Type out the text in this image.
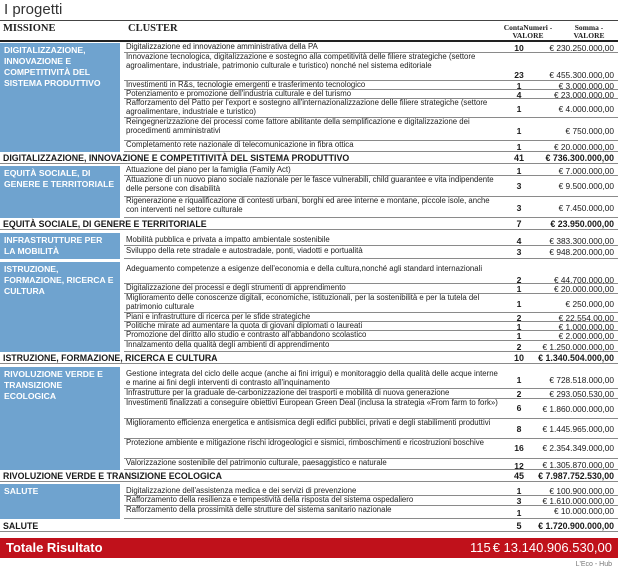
I progetti
MISSIONE	CLUSTER	ContaNumeri - VALORE
Somma - VALORE
DIGITALIZZAZIONE, INNOVAZIONE E COMPETITIVITÀ DEL SISTEMA PRODUTTIVO
Digitalizzazione ed innovazione amministrativa della PA	10	€ 230.250.000,00
Innovazione tecnologica, digitalizzazione e sostegno alla competitività delle filiere strategiche (settore agroalimentare, industriale, patrimonio culturale e turistico) nonché nel sistema editoriale
23	€ 455.300.000,00
Investimenti in R&s, tecnologie emergenti e trasferimento tecnologico	1	€ 3.000.000,00
Potenziamento e promozione dell'industria culturale e del turismo	4	€ 23.000.000,00
Rafforzamento del Patto per l'export e sostegno all'internazionalizzazione delle filiere strategiche (settore agroalimentare, industriale e turistico)	1	€ 4.000.000,00
Reingegnerizzazione dei processi come fattore abilitante della semplificazione e digitalizzazione dei procedimenti amministrativi	1	€ 750.000,00
Completamento rete nazionale di telecomunicazione in fibra ottica	1	€ 20.000.000,00
DIGITALIZZAZIONE, INNOVAZIONE E COMPETITIVITÀ DEL SISTEMA PRODUTTIVO	41	€ 736.300.000,00
EQUITÀ SOCIALE, DI GENERE E TERRITORIALE
Attuazione del piano per la famiglia (Family Act)	1	€ 7.000.000,00
Attuazione di un nuovo piano sociale nazionale per le fasce vulnerabili, child guarantee e vita indipendente delle persone con disabilità	3	€ 9.500.000,00
Rigenerazione e riqualificazione di contesti urbani, borghi ed aree interne e montane, piccole isole, anche con interventi nel settore culturale	3	€ 7.450.000,00
EQUITÀ SOCIALE, DI GENERE E TERRITORIALE	7	€ 23.950.000,00
INFRASTRUTTURE PER LA MOBILITÀ
Mobilità pubblica e privata a impatto ambientale sostenibile	4	€ 383.300.000,00
Sviluppo della rete stradale e autostradale, ponti, viadotti e portualità	3	€ 948.200.000,00
ISTRUZIONE, FORMAZIONE, RICERCA E CULTURA
Adeguamento competenze a esigenze dell'economia e della cultura,nonché agli standard internazionali
2	€ 44.700.000,00
Digitalizzazione dei processi e degli strumenti di apprendimento	1	€ 20.000.000,00
Miglioramento delle conoscenze digitali, economiche, istituzionali, per la sostenibilità e per la tutela del patrimonio culturale	1	€ 250.000,00
Piani e infrastrutture di ricerca per le sfide strategiche	2	€ 22.554.00,00
Politiche mirate ad aumentare la quota di giovani diplomati o laureati	1	€ 1.000.000,00
Promozione del diritto allo studio e contrasto all'abbandono scolastico	1	€ 2.000.000,00
Innalzamento della qualità degli ambienti di apprendimento	2	€ 1.250.000.000,00
ISTRUZIONE, FORMAZIONE, RICERCA E CULTURA	10	€ 1.340.504.000,00
RIVOLUZIONE VERDE E TRANSIZIONE ECOLOGICA
Gestione integrata del ciclo delle acque (anche ai fini irrigui) e monitoraggio della qualità delle acque interne e marine ai fini degli interventi di contrasto all'inquinamento	1	€ 728.518.000,00
Infrastrutture per la graduale de-carbonizzazione dei trasporti e mobilità di nuova generazione	2	€ 293.050.530,00
Investimenti finalizzati a conseguire obiettivi European Green Deal (inclusa la strategia «From farm to fork»)
6	€ 1.860.000.000,00
Miglioramento efficienza energetica e antisismica degli edifici pubblici, privati e degli stabilimenti produttivi
8	€ 1.445.965.000,00
Protezione ambiente e mitigazione rischi idrogeologici e sismici, rimboschimenti e ricostruzioni boschive
16	€ 2.354.349.000,00
Valorizzazione sostenibile del patrimonio culturale, paesaggistico e naturale	12	€ 1.305.870.000,00
RIVOLUZIONE VERDE E TRANSIZIONE ECOLOGICA	45	€ 7.987.752.530,00
SALUTE	Digitalizzazione dell'assistenza medica e dei servizi di prevenzione	1	€ 100.900.000,00
Rafforzamento della resilienza e tempestività della risposta del sistema ospedaliero	3	€ 1.610.000.000,00
Rafforzamento della prossimità delle strutture del sistema sanitario nazionale	1	€ 10.000.000,00
SALUTE	5	€ 1.720.900.000,00
Totale Risultato	115 € 13.140.906.530,00
L'Eco - Hub
